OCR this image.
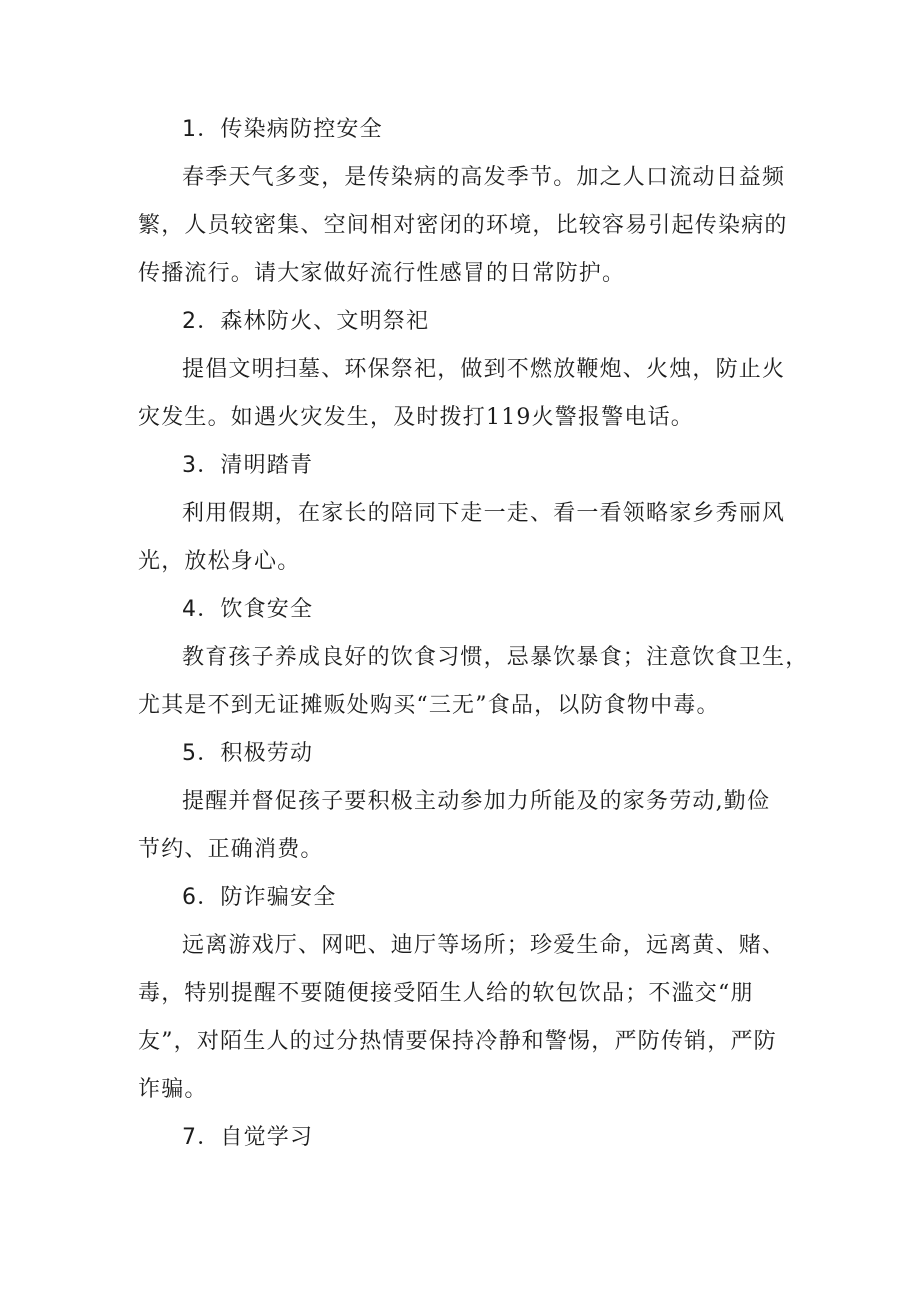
1．传染病防控安全
春季天气多变，是传染病的高发季节。加之人口流动日益频
繁，人员较密集、空间相对密闭的环境，比较容易引起传染病的
传播流行。请大家做好流行性感冒的日常防护。
2．森林防火、文明祭祀
提倡文明扫墓、环保祭祀，做到不燃放鞭炮、火烛，防止火
灾发生。如遇火灾发生，及时拨打119火警报警电话。
3．清明踏青
利用假期，在家长的陪同下走一走、看一看领略家乡秀丽风
光，放松身心。
4．饮食安全
教育孩子养成良好的饮食习惯，忌暴饮暴食；注意饮食卫生，
尤其是不到无证摊贩处购买“三无”食品，以防食物中毒。
5．积极劳动
提醒并督促孩子要积极主动参加力所能及的家务劳动,勤俭
节约、正确消费。
6．防诈骗安全
远离游戏厅、网吧、迪厅等场所；珍爱生命，远离黄、赌、
毒，特别提醒不要随便接受陌生人给的软包饮品；不滥交“朋
友”，对陌生人的过分热情要保持冷静和警惕，严防传销，严防
诈骗。
7．自觉学习
